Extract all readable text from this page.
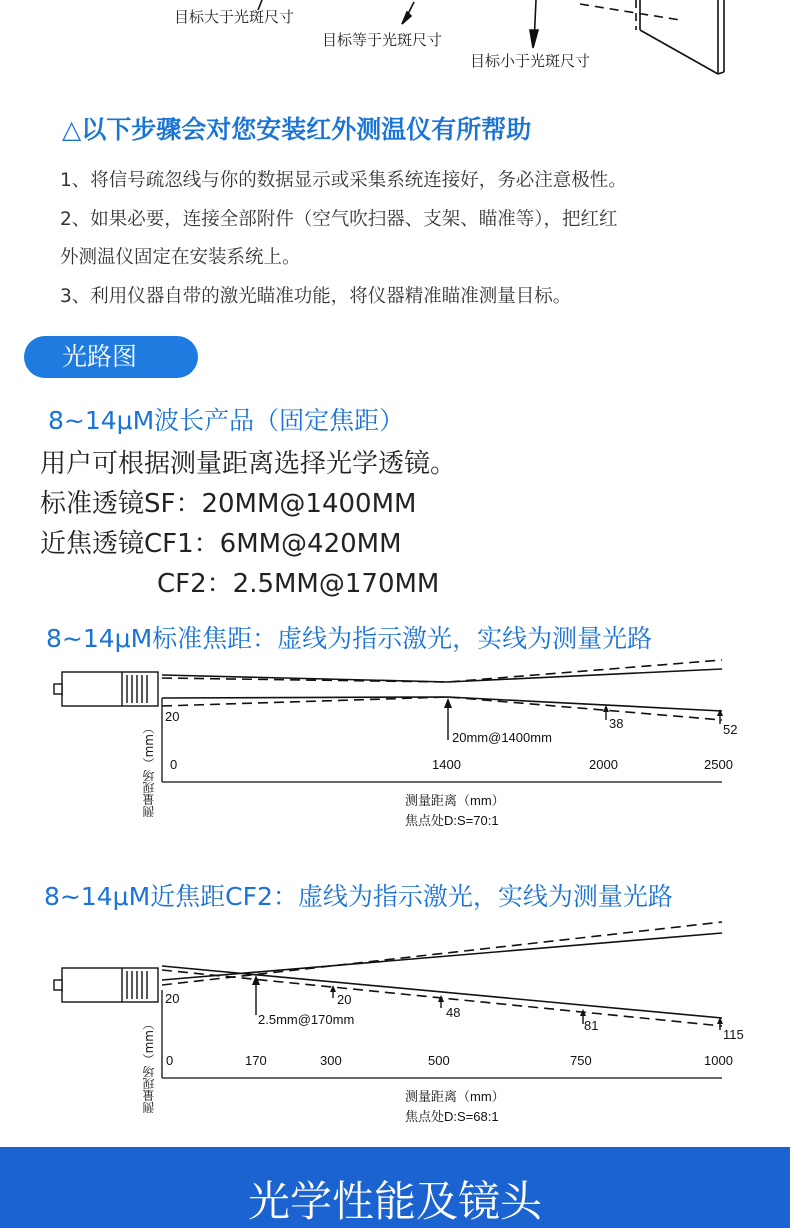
目标大于光斑尺寸
目标等于光斑尺寸
目标小于光斑尺寸
△以下步骤会对您安装红外测温仪有所帮助
1、将信号疏忽线与你的数据显示或采集系统连接好，务必注意极性。
2、如果必要，连接全部附件（空气吹扫器、支架、瞄准等），把红红
外测温仪固定在安装系统上。
3、利用仪器自带的激光瞄准功能，将仪器精准瞄准测量目标。
光路图
8~14μM波长产品（固定焦距）
用户可根据测量距离选择光学透镜。
标准透镜SF：20MM@1400MM
近焦透镜CF1：6MM@420MM
CF2：2.5MM@170MM
8~14μM标准焦距：虚线为指示激光，实线为测量光路
20	38	52
20mm@1400mm
0	1400	2000	2500
测量距离（mm）
焦点处D:S=70:1
测量现场（mm）
8~14μM近焦距CF2：虚线为指示激光，实线为测量光路
20	20
48
81
115
2.5mm@170mm
0	170	300	500	750	1000
测量距离（mm）
焦点处D:S=68:1
测量现场（mm）
光学性能及镜头
